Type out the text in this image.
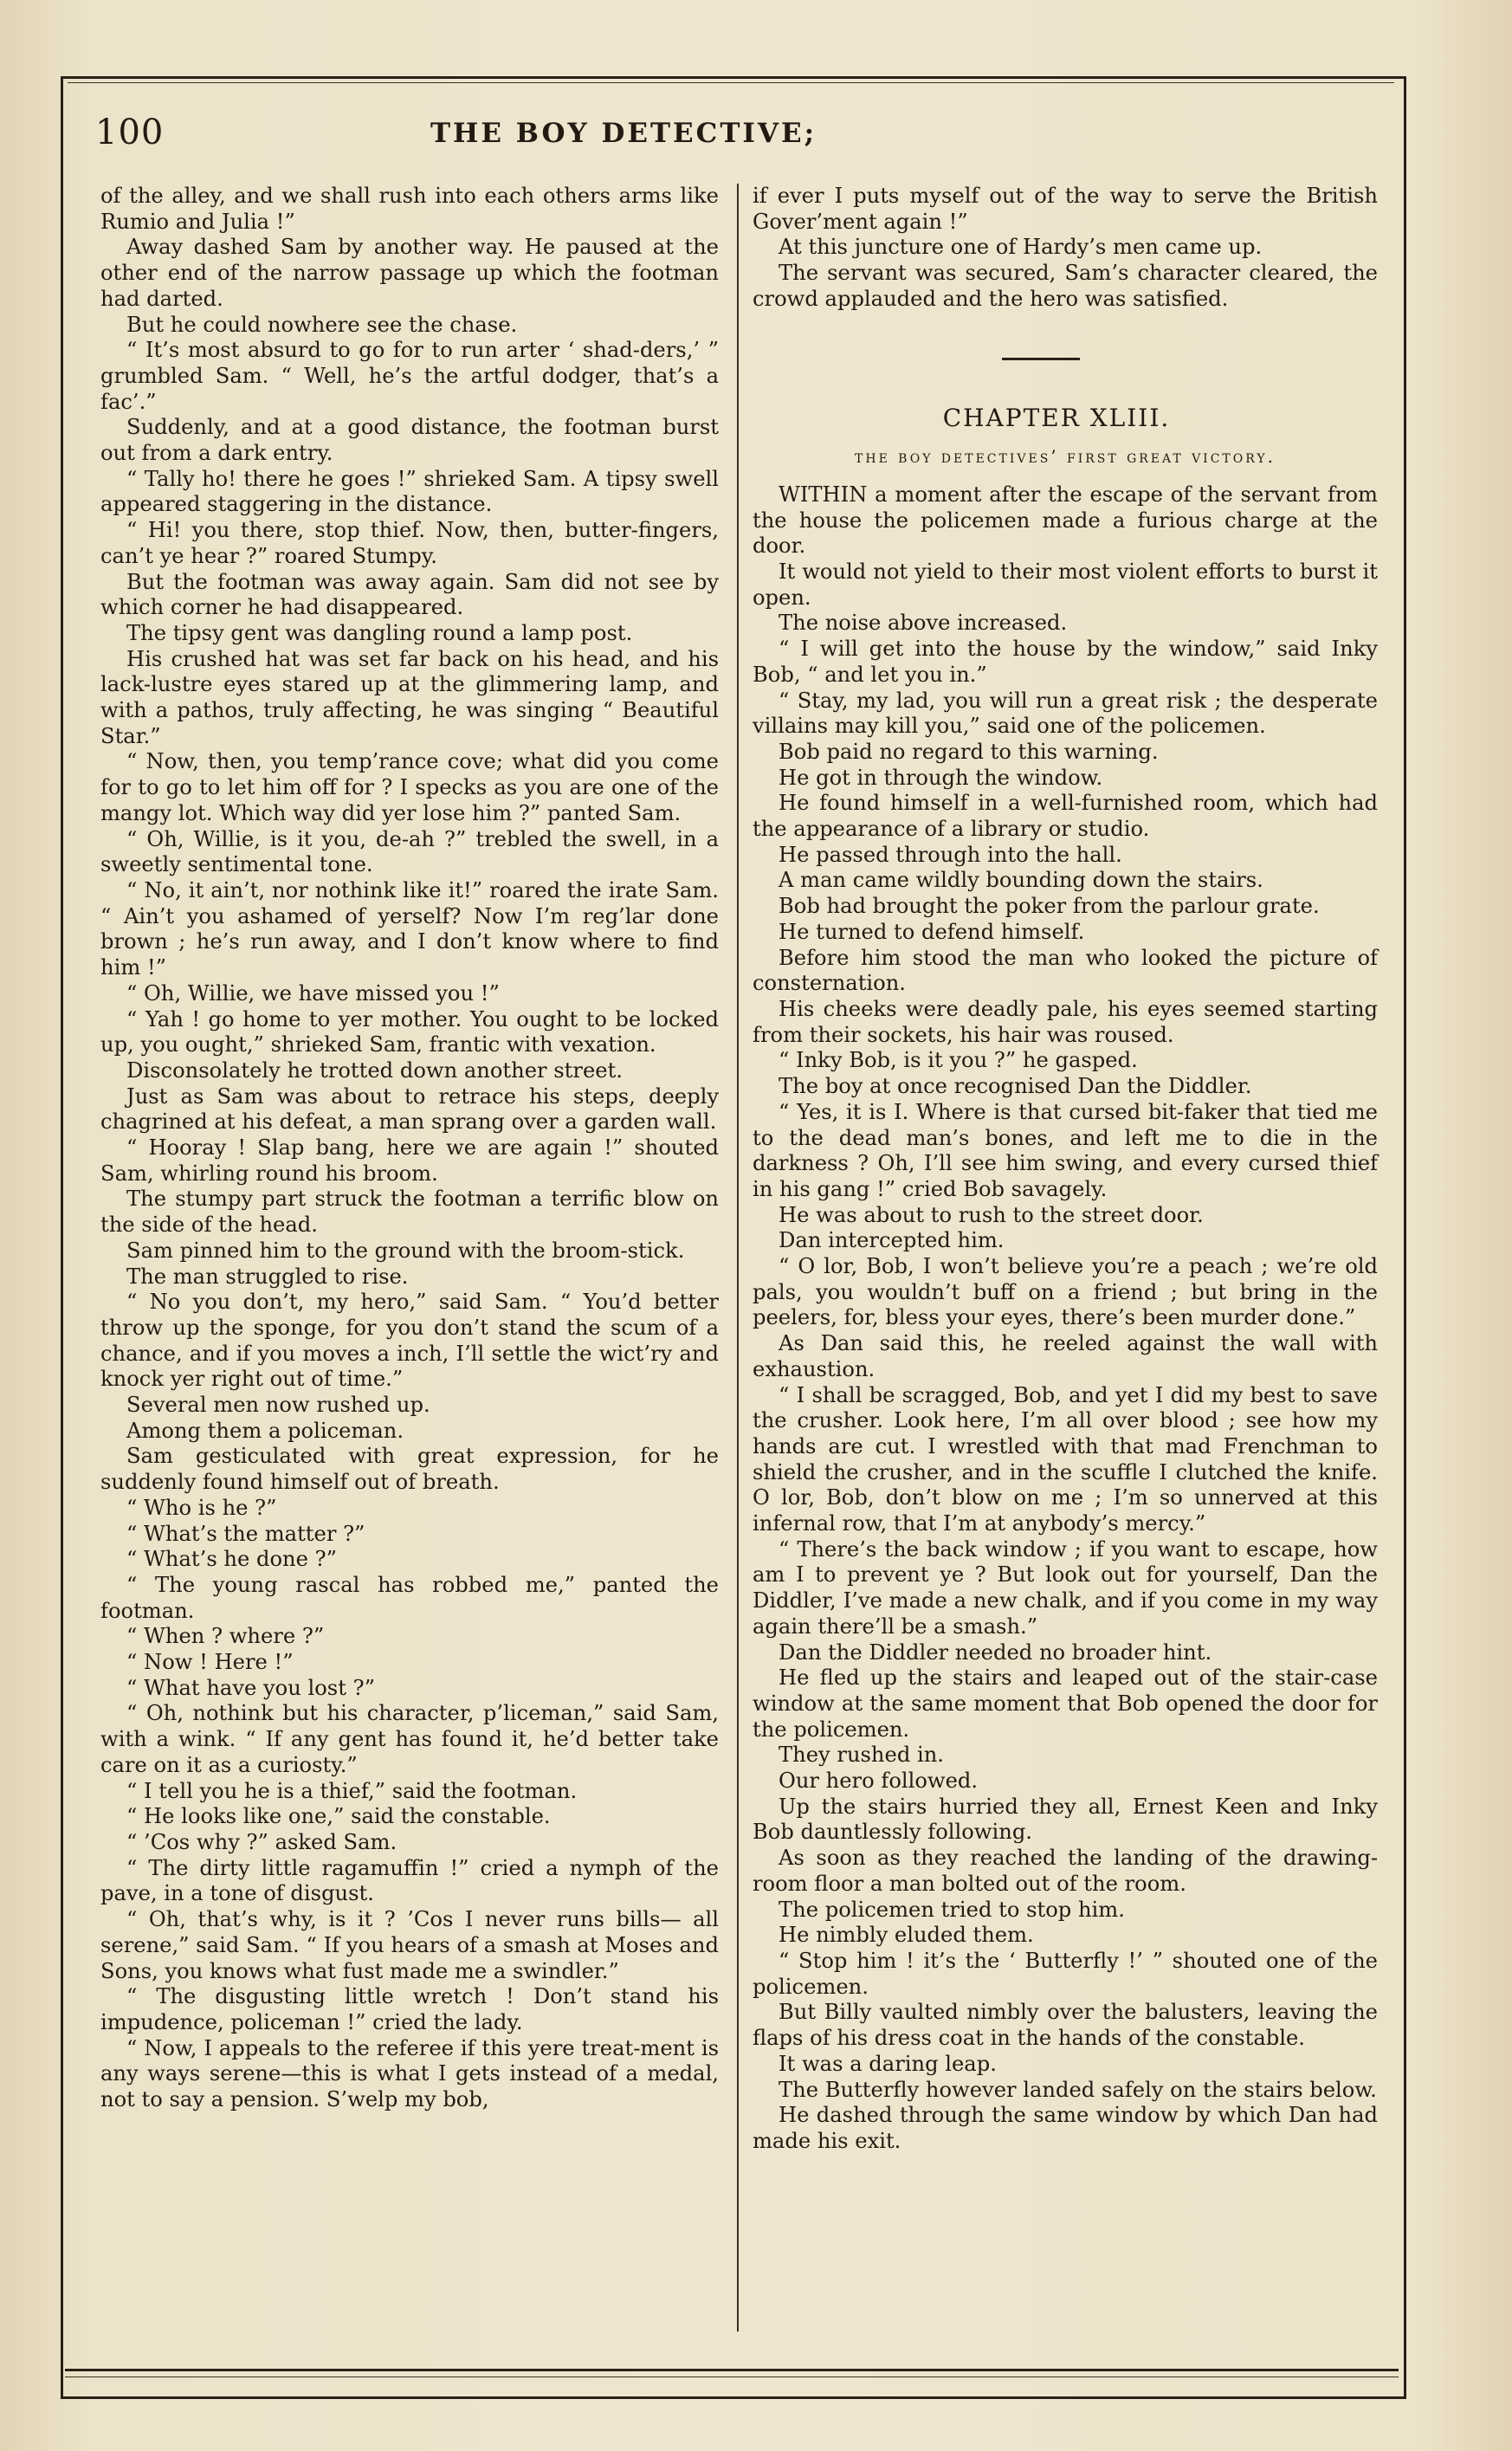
100	THE BOY DETECTIVE;

of the alley, and we shall rush into each others arms like Rumio and Julia !”

Away dashed Sam by another way. He paused at the other end of the narrow passage up which the footman had darted.

But he could nowhere see the chase.

“ It’s most absurd to go for to run arter ‘ shad-ders,’ ” grumbled Sam. “ Well, he’s the artful dodger, that’s a fac’.”

Suddenly, and at a good distance, the footman burst out from a dark entry.

“ Tally ho! there he goes !” shrieked Sam. A tipsy swell appeared staggering in the distance.

“ Hi! you there, stop thief. Now, then, butter-fingers, can’t ye hear ?” roared Stumpy.

But the footman was away again. Sam did not see by which corner he had disappeared.

The tipsy gent was dangling round a lamp post.

His crushed hat was set far back on his head, and his lack-lustre eyes stared up at the glimmering lamp, and with a pathos, truly affecting, he was singing “ Beautiful Star.”

“ Now, then, you temp’rance cove; what did you come for to go to let him off for ? I specks as you are one of the mangy lot. Which way did yer lose him ?” panted Sam.

“ Oh, Willie, is it you, de-ah ?” trebled the swell, in a sweetly sentimental tone.

“ No, it ain’t, nor nothink like it!” roared the irate Sam. “ Ain’t you ashamed of yerself? Now I’m reg’lar done brown ; he’s run away, and I don’t know where to find him !”

“ Oh, Willie, we have missed you !”

“ Yah ! go home to yer mother. You ought to be locked up, you ought,” shrieked Sam, frantic with vexation.

Disconsolately he trotted down another street.

Just as Sam was about to retrace his steps, deeply chagrined at his defeat, a man sprang over a garden wall.

“ Hooray ! Slap bang, here we are again !” shouted Sam, whirling round his broom.

The stumpy part struck the footman a terrific blow on the side of the head.

Sam pinned him to the ground with the broom-stick.

The man struggled to rise.

“ No you don’t, my hero,” said Sam. “ You’d better throw up the sponge, for you don’t stand the scum of a chance, and if you moves a inch, I’ll settle the wict’ry and knock yer right out of time.”

Several men now rushed up.

Among them a policeman.

Sam gesticulated with great expression, for he suddenly found himself out of breath.

“ Who is he ?”

“ What’s the matter ?”

“ What’s he done ?”

“ The young rascal has robbed me,” panted the footman.

“ When ? where ?”

“ Now ! Here !”

“ What have you lost ?”

“ Oh, nothink but his character, p’liceman,” said Sam, with a wink. “ If any gent has found it, he’d better take care on it as a curiosty.”

“ I tell you he is a thief,” said the footman.

“ He looks like one,” said the constable.

“ ’Cos why ?” asked Sam.

“ The dirty little ragamuffin !” cried a nymph of the pave, in a tone of disgust.

“ Oh, that’s why, is it ? ’Cos I never runs bills— all serene,” said Sam. “ If you hears of a smash at Moses and Sons, you knows what fust made me a swindler.”

“ The disgusting little wretch ! Don’t stand his impudence, policeman !” cried the lady.

“ Now, I appeals to the referee if this yere treat-ment is any ways serene—this is what I gets instead of a medal, not to say a pension. S’welp my bob,

if ever I puts myself out of the way to serve the British Gover’ment again !”

At this juncture one of Hardy’s men came up.

The servant was secured, Sam’s character cleared, the crowd applauded and the hero was satisfied.

CHAPTER XLIII.
the boy detectives’ first great victory.

WITHIN a moment after the escape of the servant from the house the policemen made a furious charge at the door.

It would not yield to their most violent efforts to burst it open.

The noise above increased.

“ I will get into the house by the window,” said Inky Bob, “ and let you in.”

“ Stay, my lad, you will run a great risk ; the desperate villains may kill you,” said one of the policemen.

Bob paid no regard to this warning.

He got in through the window.

He found himself in a well-furnished room, which had the appearance of a library or studio.

He passed through into the hall.

A man came wildly bounding down the stairs.

Bob had brought the poker from the parlour grate.

He turned to defend himself.

Before him stood the man who looked the picture of consternation.

His cheeks were deadly pale, his eyes seemed starting from their sockets, his hair was roused.

“ Inky Bob, is it you ?” he gasped.

The boy at once recognised Dan the Diddler.

“ Yes, it is I. Where is that cursed bit-faker that tied me to the dead man’s bones, and left me to die in the darkness ? Oh, I’ll see him swing, and every cursed thief in his gang !” cried Bob savagely.

He was about to rush to the street door.

Dan intercepted him.

“ O lor, Bob, I won’t believe you’re a peach ; we’re old pals, you wouldn’t buff on a friend ; but bring in the peelers, for, bless your eyes, there’s been murder done.”

As Dan said this, he reeled against the wall with exhaustion.

“ I shall be scragged, Bob, and yet I did my best to save the crusher. Look here, I’m all over blood ; see how my hands are cut. I wrestled with that mad Frenchman to shield the crusher, and in the scuffle I clutched the knife. O lor, Bob, don’t blow on me ; I’m so unnerved at this infernal row, that I’m at anybody’s mercy.”

“ There’s the back window ; if you want to escape, how am I to prevent ye ? But look out for yourself, Dan the Diddler, I’ve made a new chalk, and if you come in my way again there’ll be a smash.”

Dan the Diddler needed no broader hint.

He fled up the stairs and leaped out of the stair-case window at the same moment that Bob opened the door for the policemen.

They rushed in.

Our hero followed.

Up the stairs hurried they all, Ernest Keen and Inky Bob dauntlessly following.

As soon as they reached the landing of the drawing-room floor a man bolted out of the room.

The policemen tried to stop him.

He nimbly eluded them.

“ Stop him ! it’s the ‘ Butterfly !’ ” shouted one of the policemen.

But Billy vaulted nimbly over the balusters, leaving the flaps of his dress coat in the hands of the constable.

It was a daring leap.

The Butterfly however landed safely on the stairs below.

He dashed through the same window by which Dan had made his exit.
